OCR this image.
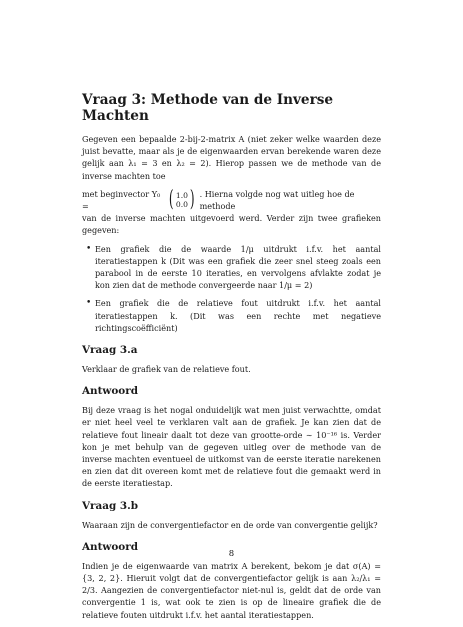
Vraag 3: Methode van de Inverse Machten

Gegeven een bepaalde 2-bij-2-matrix A (niet zeker welke waarden deze juist bevatte, maar als je de eigenwaarden ervan berekende waren deze gelijk aan λ₁ = 3 en λ₂ = 2). Hierop passen we de methode van de inverse machten toe

met beginvector Y₀ =	( 1.0
0.0 ) . Hierna volgde nog wat uitleg hoe de methode

van de inverse machten uitgevoerd werd. Verder zijn twee grafieken gegeven:

• Een grafiek die de waarde 1/μ uitdrukt i.f.v. het aantal iteratiestappen k (Dit was een grafiek die zeer snel steeg zoals een parabool in de eerste 10 iteraties, en vervolgens afvlakte zodat je kon zien dat de methode convergeerde naar 1/μ = 2)
• Een grafiek die de relatieve fout uitdrukt i.f.v. het aantal iteratiestappen k. (Dit was een rechte met negatieve richtingscoëfficiënt)
Vraag 3.a

Verklaar de grafiek van de relatieve fout.

Antwoord

Bij deze vraag is het nogal onduidelijk wat men juist verwachtte, omdat er niet heel veel te verklaren valt aan de grafiek. Je kan zien dat de relatieve fout lineair daalt tot deze van grootte-orde ∼ 10⁻¹⁶ is. Verder kon je met behulp van de gegeven uitleg over de methode van de inverse machten eventueel de uitkomst van de eerste iteratie narekenen en zien dat dit overeen komt met de relatieve fout die gemaakt werd in de eerste iteratiestap.

Vraag 3.b

Waaraan zijn de convergentiefactor en de orde van convergentie gelijk?

Antwoord

Indien je de eigenwaarde van matrix A berekent, bekom je dat σ(A) = {3, 2, 2}. Hieruit volgt dat de convergentiefactor gelijk is aan λ₂/λ₁ = 2/3. Aangezien de convergentiefactor niet-nul is, geldt dat de orde van convergentie 1 is, wat ook te zien is op de lineaire grafiek die de relatieve fouten uitdrukt i.f.v. het aantal iteratiestappen.

8
